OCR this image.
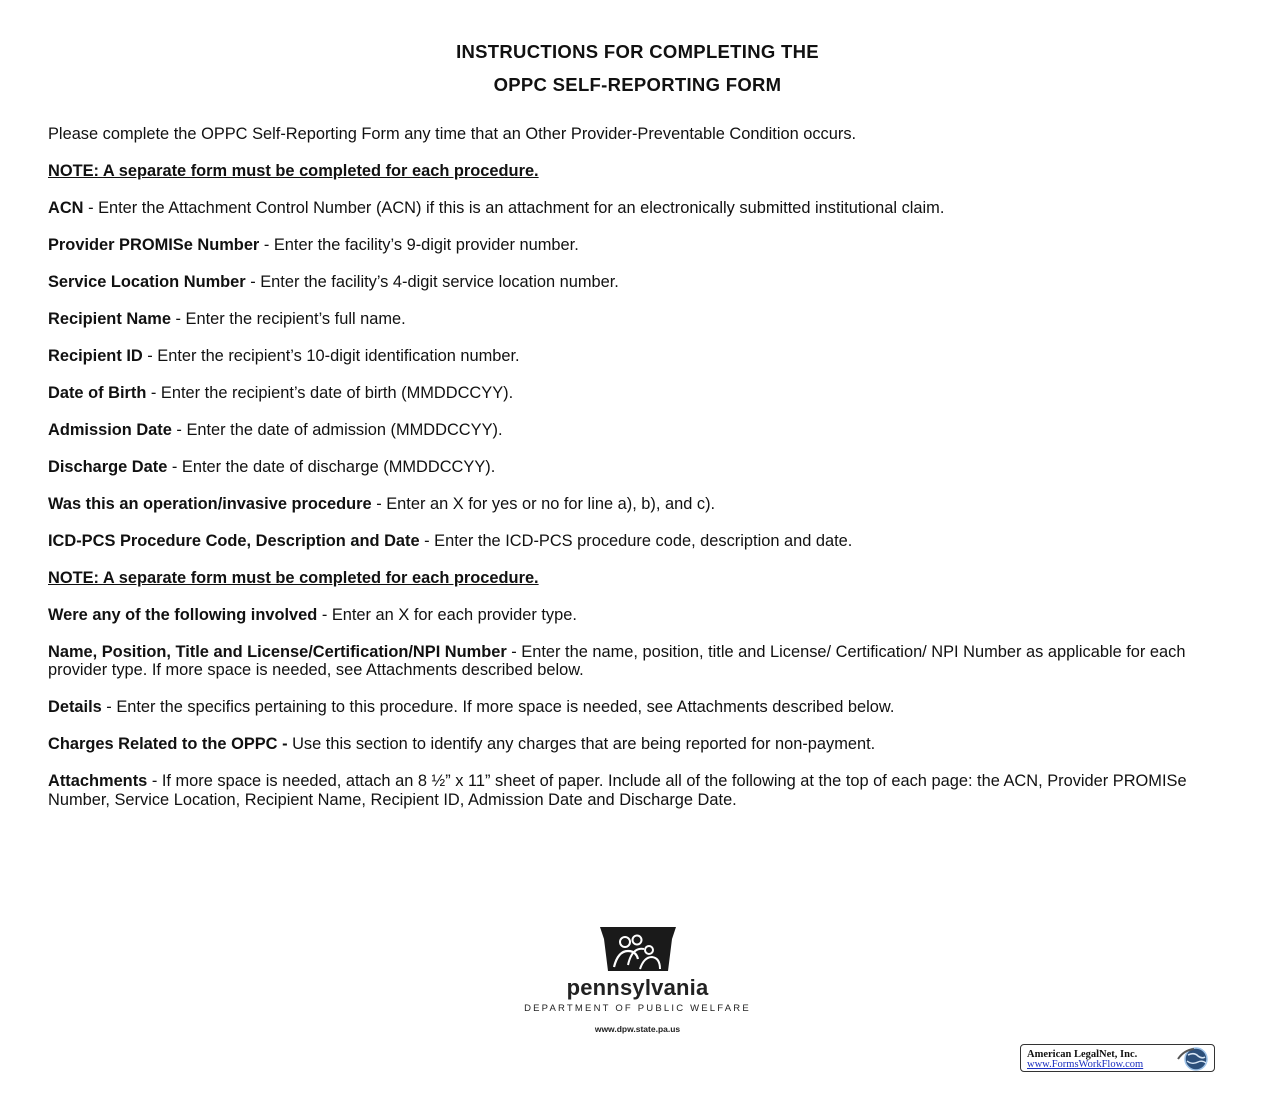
INSTRUCTIONS FOR COMPLETING THE
OPPC SELF-REPORTING FORM

Please complete the OPPC Self-Reporting Form any time that an Other Provider-Preventable Condition occurs.

NOTE: A separate form must be completed for each procedure.

ACN - Enter the Attachment Control Number (ACN) if this is an attachment for an electronically submitted institutional claim.

Provider PROMISe Number - Enter the facility’s 9-digit provider number.

Service Location Number - Enter the facility’s 4-digit service location number.

Recipient Name - Enter the recipient’s full name.

Recipient ID - Enter the recipient’s 10-digit identification number.

Date of Birth - Enter the recipient’s date of birth (MMDDCCYY).

Admission Date - Enter the date of admission (MMDDCCYY).

Discharge Date - Enter the date of discharge (MMDDCCYY).

Was this an operation/invasive procedure - Enter an X for yes or no for line a), b), and c).

ICD-PCS Procedure Code, Description and Date - Enter the ICD-PCS procedure code, description and date.

NOTE: A separate form must be completed for each procedure.

Were any of the following involved - Enter an X for each provider type.

Name, Position, Title and License/Certification/NPI Number - Enter the name, position, title and License/ Certification/ NPI Number as applicable for each provider type. If more space is needed, see Attachments described below.

Details - Enter the specifics pertaining to this procedure. If more space is needed, see Attachments described below.

Charges Related to the OPPC - Use this section to identify any charges that are being reported for non-payment.

Attachments - If more space is needed, attach an 8 ½” x 11” sheet of paper. Include all of the following at the top of each page: the ACN, Provider PROMISe Number, Service Location, Recipient Name, Recipient ID, Admission Date and Discharge Date.

pennsylvania
DEPARTMENT OF PUBLIC WELFARE
www.dpw.state.pa.us
American LegalNet, Inc.
www.FormsWorkFlow.com
